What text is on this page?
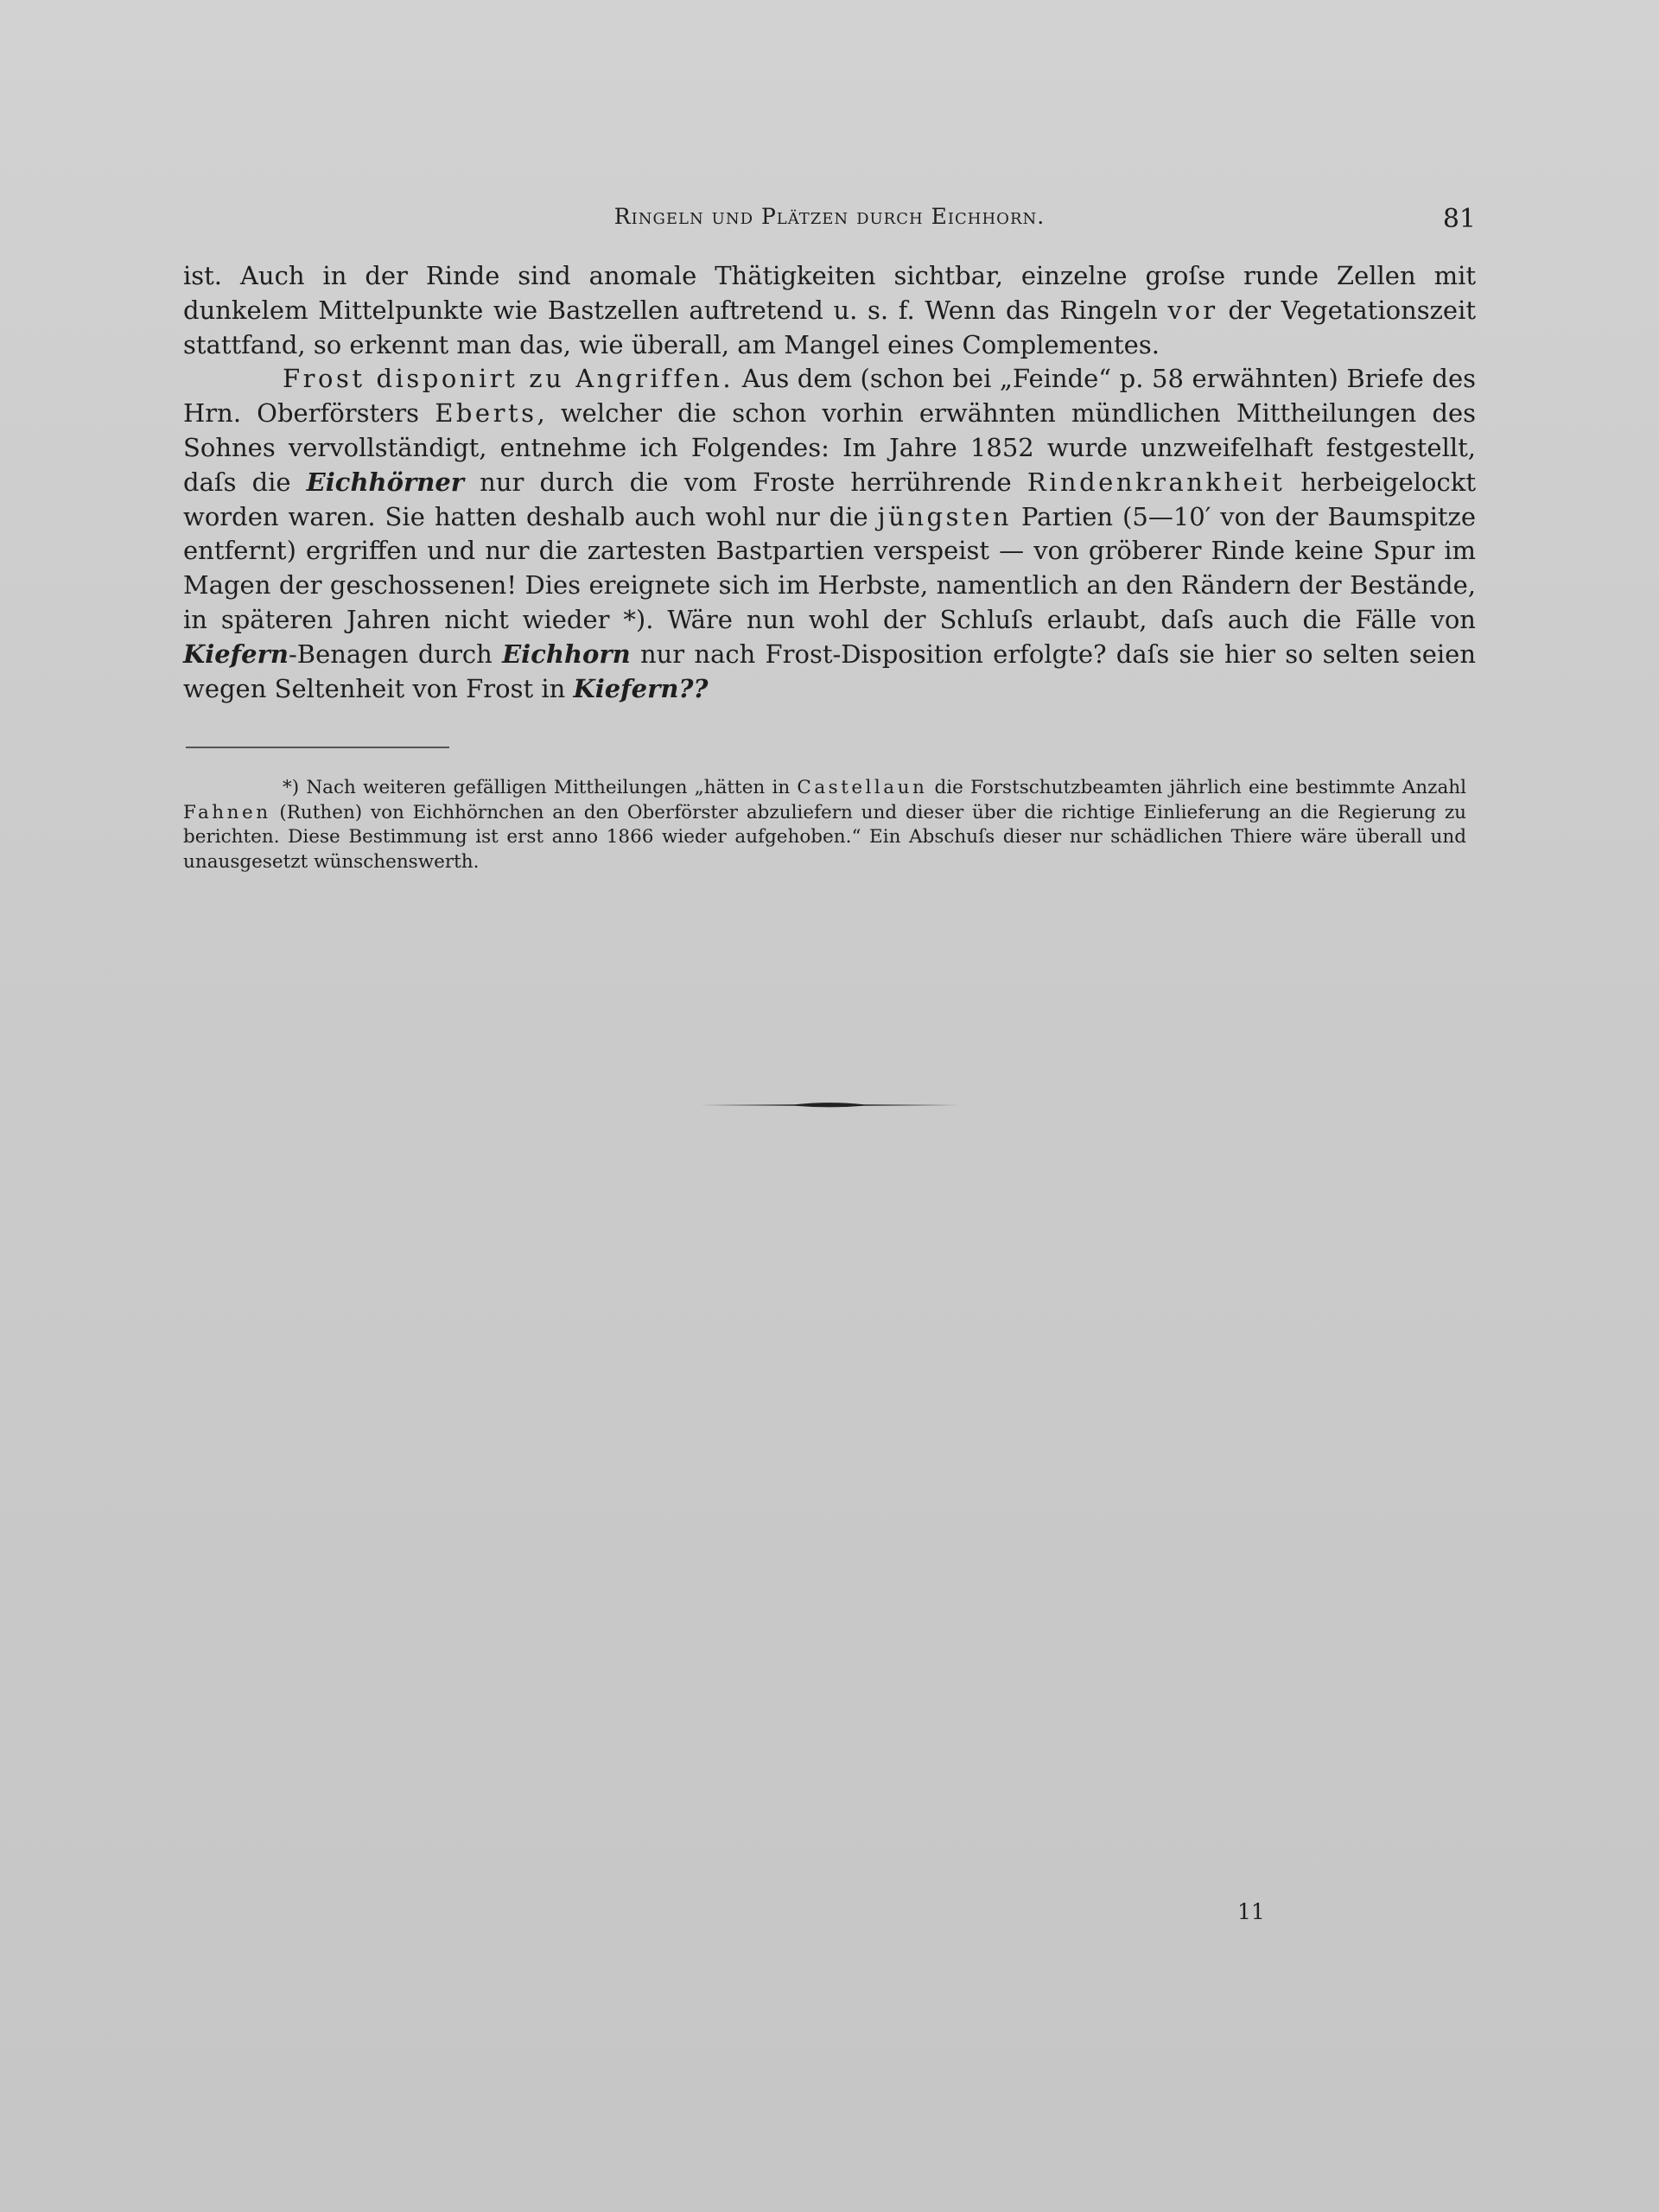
Ringeln und Plätzen durch Eichhorn.	81

ist. Auch in der Rinde sind anomale Thätigkeiten sichtbar, einzelne groſse runde Zellen mit dunkelem Mittelpunkte wie Bastzellen auftretend u. s. f. Wenn das Ringeln vor der Vegetationszeit stattfand, so erkennt man das, wie überall, am Mangel eines Complementes.

Frost disponirt zu Angriffen. Aus dem (schon bei „Feinde“ p. 58 erwähnten) Briefe des Hrn. Oberförsters Eberts, welcher die schon vorhin erwähnten mündlichen Mittheilungen des Sohnes vervollständigt, entnehme ich Folgendes: Im Jahre 1852 wurde unzweifelhaft festgestellt, daſs die Eichhörner nur durch die vom Froste herrührende Rindenkrankheit herbeigelockt worden waren. Sie hatten deshalb auch wohl nur die jüngsten Partien (5—10′ von der Baumspitze entfernt) ergriffen und nur die zartesten Bastpartien verspeist — von gröberer Rinde keine Spur im Magen der geschossenen! Dies ereignete sich im Herbste, namentlich an den Rändern der Bestände, in späteren Jahren nicht wieder *). Wäre nun wohl der Schluſs erlaubt, daſs auch die Fälle von Kiefern-Benagen durch Eichhorn nur nach Frost-Disposition erfolgte? daſs sie hier so selten seien wegen Seltenheit von Frost in Kiefern??

*) Nach weiteren gefälligen Mittheilungen „hätten in Castellaun die Forstschutzbeamten jährlich eine bestimmte Anzahl Fahnen (Ruthen) von Eichhörnchen an den Oberförster abzuliefern und dieser über die richtige Einlieferung an die Regierung zu berichten. Diese Bestimmung ist erst anno 1866 wieder aufgehoben.“ Ein Abschuſs dieser nur schädlichen Thiere wäre überall und unausgesetzt wünschenswerth.
11
